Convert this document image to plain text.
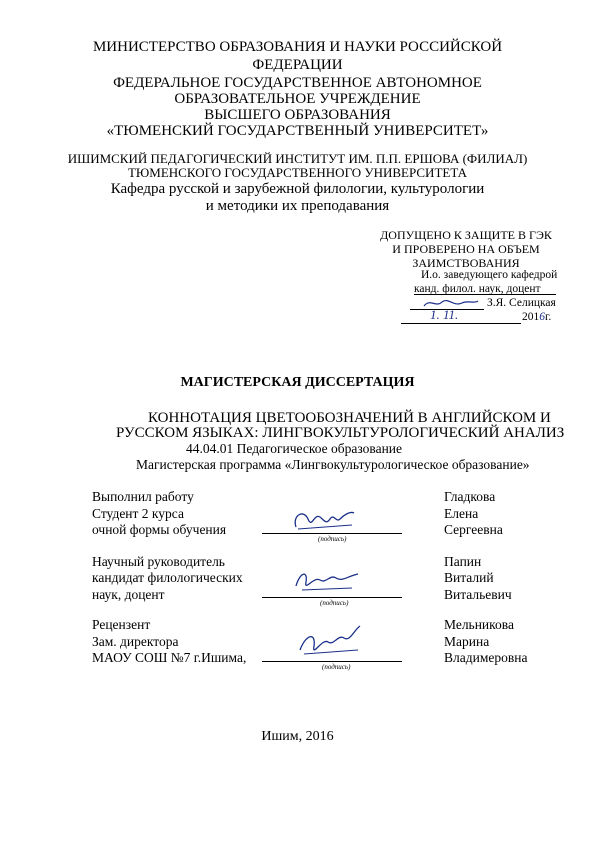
МИНИСТЕРСТВО ОБРАЗОВАНИЯ И НАУКИ РОССИЙСКОЙ
ФЕДЕРАЦИИ
ФЕДЕРАЛЬНОЕ ГОСУДАРСТВЕННОЕ АВТОНОМНОЕ
ОБРАЗОВАТЕЛЬНОЕ УЧРЕЖДЕНИЕ
ВЫСШЕГО ОБРАЗОВАНИЯ
«ТЮМЕНСКИЙ ГОСУДАРСТВЕННЫЙ УНИВЕРСИТЕТ»
ИШИМСКИЙ ПЕДАГОГИЧЕСКИЙ ИНСТИТУТ ИМ. П.П. ЕРШОВА (ФИЛИАЛ)
ТЮМЕНСКОГО ГОСУДАРСТВЕННОГО УНИВЕРСИТЕТА
Кафедра русской и зарубежной филологии, культурологии
и методики их преподавания
ДОПУЩЕНО К ЗАЩИТЕ В ГЭК
И ПРОВЕРЕНО НА ОБЪЕМ
ЗАИМСТВОВАНИЯ
И.о. заведующего кафедрой
канд. филол. наук, доцент
З.Я. Селицкая
1. 11.	2016г.
МАГИСТЕРСКАЯ ДИССЕРТАЦИЯ
КОННОТАЦИЯ ЦВЕТООБОЗНАЧЕНИЙ В АНГЛИЙСКОМ И
РУССКОМ ЯЗЫКАХ: ЛИНГВОКУЛЬТУРОЛОГИЧЕСКИЙ АНАЛИЗ
44.04.01 Педагогическое образование
Магистерская программа «Лингвокультурологическое образование»
Выполнил работу
Студент 2 курса
очной формы обучения
(подпись)
Гладкова
Елена
Сергеевна
Научный руководитель
кандидат филологических
наук, доцент
(подпись)
Папин
Виталий
Витальевич
Рецензент
Зам. директора
МАОУ СОШ №7 г.Ишима,
(подпись)
Мельникова
Марина
Владимеровна
Ишим, 2016
